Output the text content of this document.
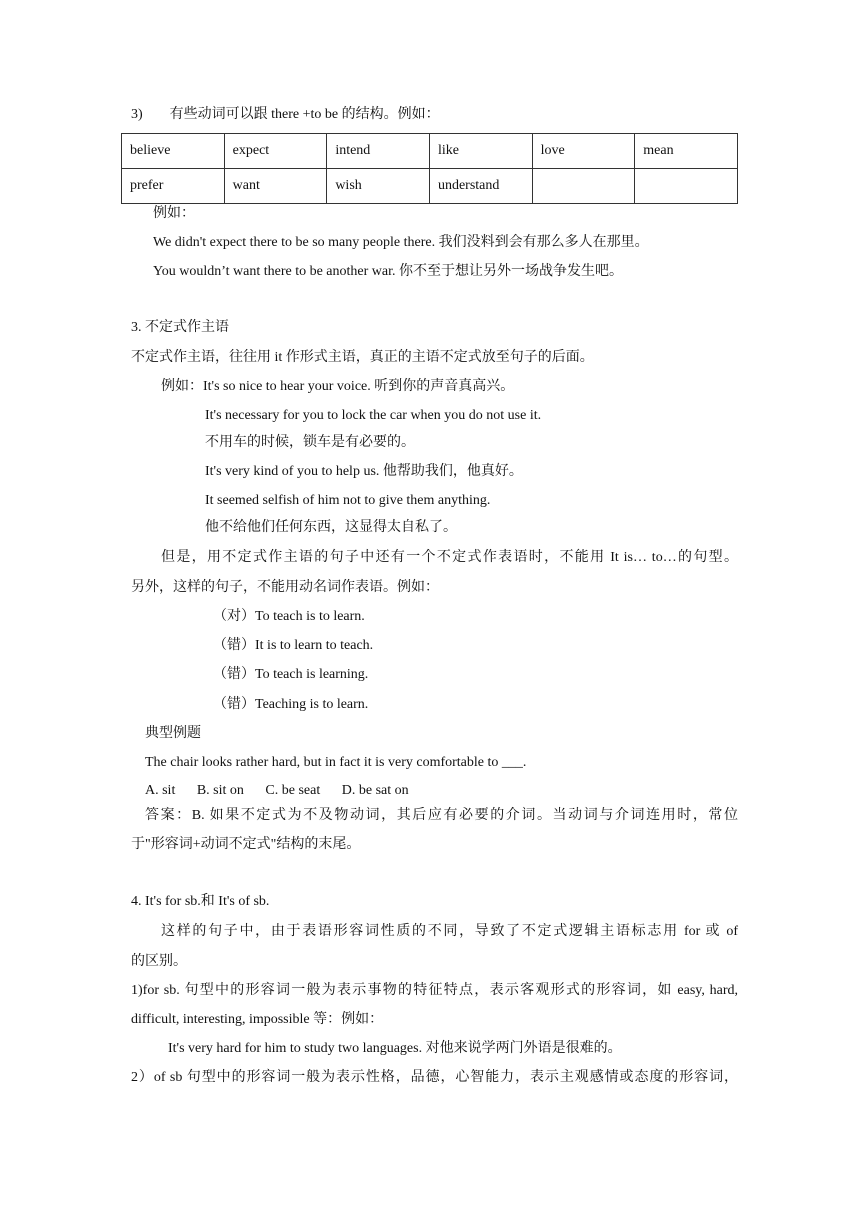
3) 有些动词可以跟 there +to be 的结构。例如：
believe	expect	intend	like	love	mean
prefer	want	wish	understand		
例如：
We didn't expect there to be so many people there. 我们没料到会有那么多人在那里。
You wouldn’t want there to be another war. 你不至于想让另外一场战争发生吧。
3. 不定式作主语
不定式作主语，往往用 it 作形式主语，真正的主语不定式放至句子的后面。
例如：It's so nice to hear your voice. 听到你的声音真高兴。
It's necessary for you to lock the car when you do not use it.
不用车的时候，锁车是有必要的。
It's very kind of you to help us. 他帮助我们，他真好。
It seemed selfish of him not to give them anything.
他不给他们任何东西，这显得太自私了。
但是，用不定式作主语的句子中还有一个不定式作表语时，不能用 It is… to…的句型。
另外，这样的句子，不能用动名词作表语。例如：
（对）To teach is to learn.
（错）It is to learn to teach.
（错）To teach is learning.
（错）Teaching is to learn.
典型例题
The chair looks rather hard, but in fact it is very comfortable to ___.
A. sit B. sit on C. be seat D. be sat on
答案：B. 如果不定式为不及物动词，其后应有必要的介词。当动词与介词连用时，常位
于"形容词+动词不定式"结构的末尾。
4. It's for sb.和 It's of sb.
这样的句子中，由于表语形容词性质的不同，导致了不定式逻辑主语标志用 for 或 of
的区别。
1)for sb. 句型中的形容词一般为表示事物的特征特点，表示客观形式的形容词，如 easy, hard,
difficult, interesting, impossible 等：例如：
It's very hard for him to study two languages. 对他来说学两门外语是很难的。
2）of sb 句型中的形容词一般为表示性格，品德，心智能力，表示主观感情或态度的形容词，
